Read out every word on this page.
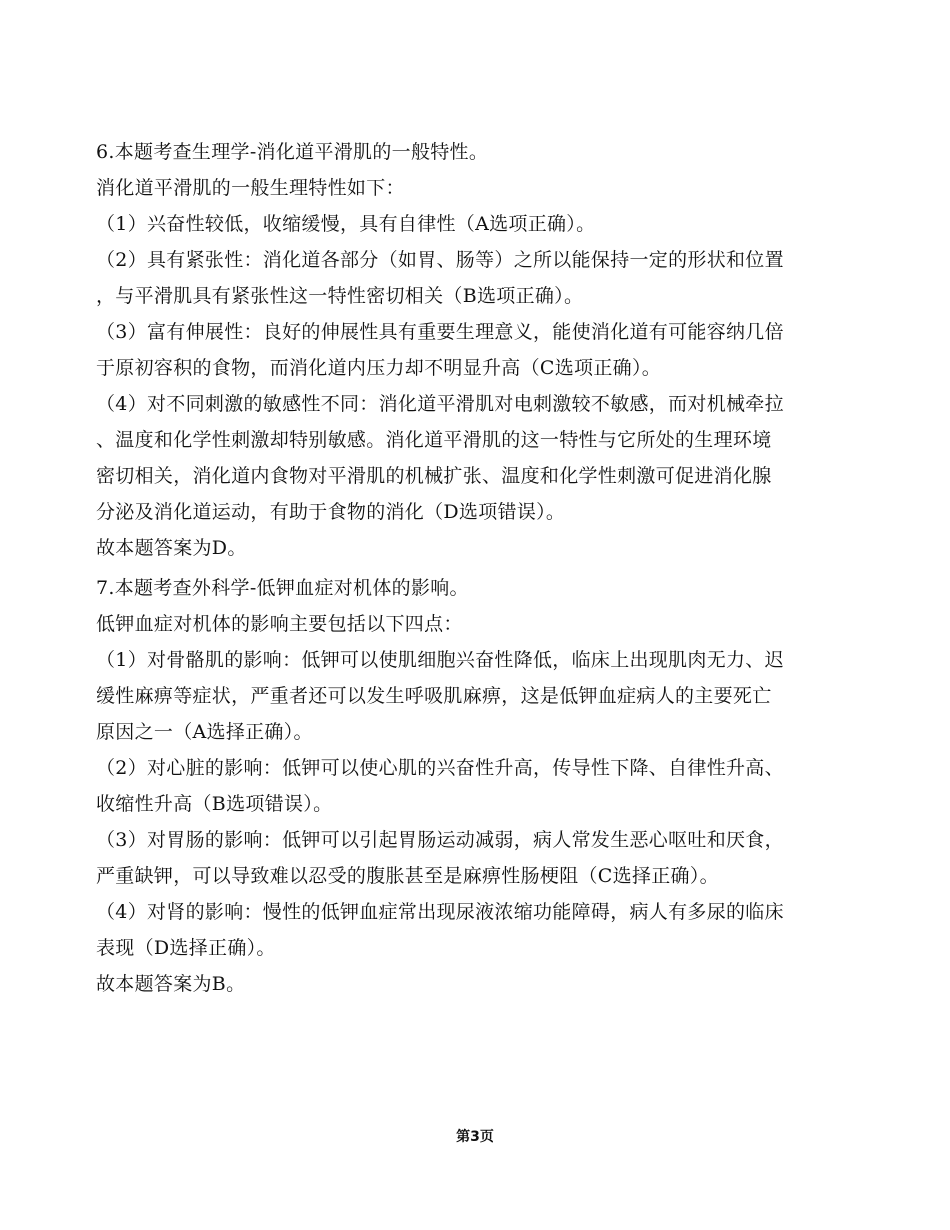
6.本题考查生理学-消化道平滑肌的一般特性。
消化道平滑肌的一般生理特性如下：
（1）兴奋性较低，收缩缓慢，具有自律性（A选项正确）。
（2）具有紧张性：消化道各部分（如胃、肠等）之所以能保持一定的形状和位置
，与平滑肌具有紧张性这一特性密切相关（B选项正确）。
（3）富有伸展性：良好的伸展性具有重要生理意义，能使消化道有可能容纳几倍
于原初容积的食物，而消化道内压力却不明显升高（C选项正确）。
（4）对不同刺激的敏感性不同：消化道平滑肌对电刺激较不敏感，而对机械牵拉
、温度和化学性刺激却特别敏感。消化道平滑肌的这一特性与它所处的生理环境
密切相关，消化道内食物对平滑肌的机械扩张、温度和化学性刺激可促进消化腺
分泌及消化道运动，有助于食物的消化（D选项错误）。
故本题答案为D。
7.本题考查外科学-低钾血症对机体的影响。
低钾血症对机体的影响主要包括以下四点：
（1）对骨骼肌的影响：低钾可以使肌细胞兴奋性降低，临床上出现肌肉无力、迟
缓性麻痹等症状，严重者还可以发生呼吸肌麻痹，这是低钾血症病人的主要死亡
原因之一（A选择正确）。
（2）对心脏的影响：低钾可以使心肌的兴奋性升高，传导性下降、自律性升高、
收缩性升高（B选项错误）。
（3）对胃肠的影响：低钾可以引起胃肠运动减弱，病人常发生恶心呕吐和厌食，
严重缺钾，可以导致难以忍受的腹胀甚至是麻痹性肠梗阻（C选择正确）。
（4）对肾的影响：慢性的低钾血症常出现尿液浓缩功能障碍，病人有多尿的临床
表现（D选择正确）。
故本题答案为B。
第3页
